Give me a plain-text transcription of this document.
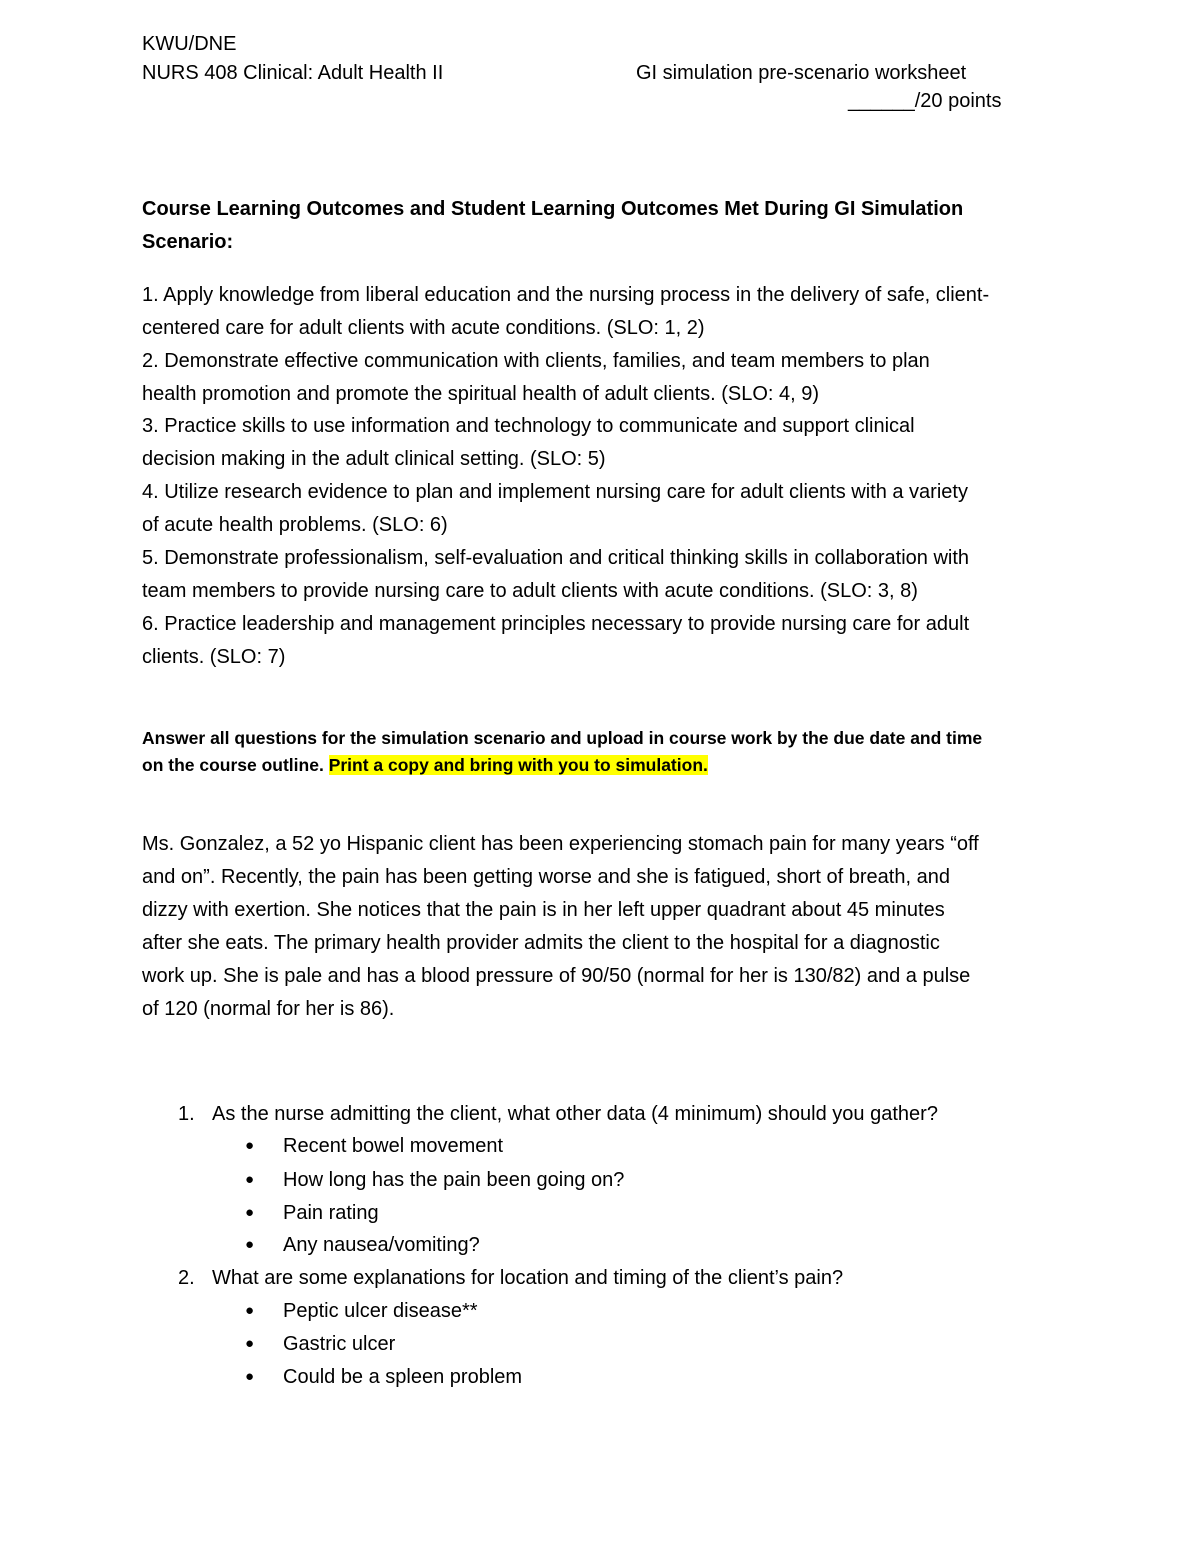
KWU/DNE
NURS 408 Clinical: Adult Health II	GI simulation pre-scenario worksheet
______/20 points
Course Learning Outcomes and Student Learning Outcomes Met During GI Simulation
Scenario:
1. Apply knowledge from liberal education and the nursing process in the delivery of safe, client-
centered care for adult clients with acute conditions. (SLO: 1, 2)
2. Demonstrate effective communication with clients, families, and team members to plan
health promotion and promote the spiritual health of adult clients. (SLO: 4, 9)
3. Practice skills to use information and technology to communicate and support clinical
decision making in the adult clinical setting. (SLO: 5)
4. Utilize research evidence to plan and implement nursing care for adult clients with a variety
of acute health problems. (SLO: 6)
5. Demonstrate professionalism, self-evaluation and critical thinking skills in collaboration with
team members to provide nursing care to adult clients with acute conditions. (SLO: 3, 8)
6. Practice leadership and management principles necessary to provide nursing care for adult
clients. (SLO: 7)
Answer all questions for the simulation scenario and upload in course work by the due date and time
on the course outline. Print a copy and bring with you to simulation.
Ms. Gonzalez, a 52 yo Hispanic client has been experiencing stomach pain for many years “off
and on”. Recently, the pain has been getting worse and she is fatigued, short of breath, and
dizzy with exertion. She notices that the pain is in her left upper quadrant about 45 minutes
after she eats. The primary health provider admits the client to the hospital for a diagnostic
work up. She is pale and has a blood pressure of 90/50 (normal for her is 130/82) and a pulse
of 120 (normal for her is 86).
1. As the nurse admitting the client, what other data (4 minimum) should you gather?
● Recent bowel movement
● How long has the pain been going on?
● Pain rating
● Any nausea/vomiting?
2. What are some explanations for location and timing of the client’s pain?
● Peptic ulcer disease**
● Gastric ulcer
● Could be a spleen problem
